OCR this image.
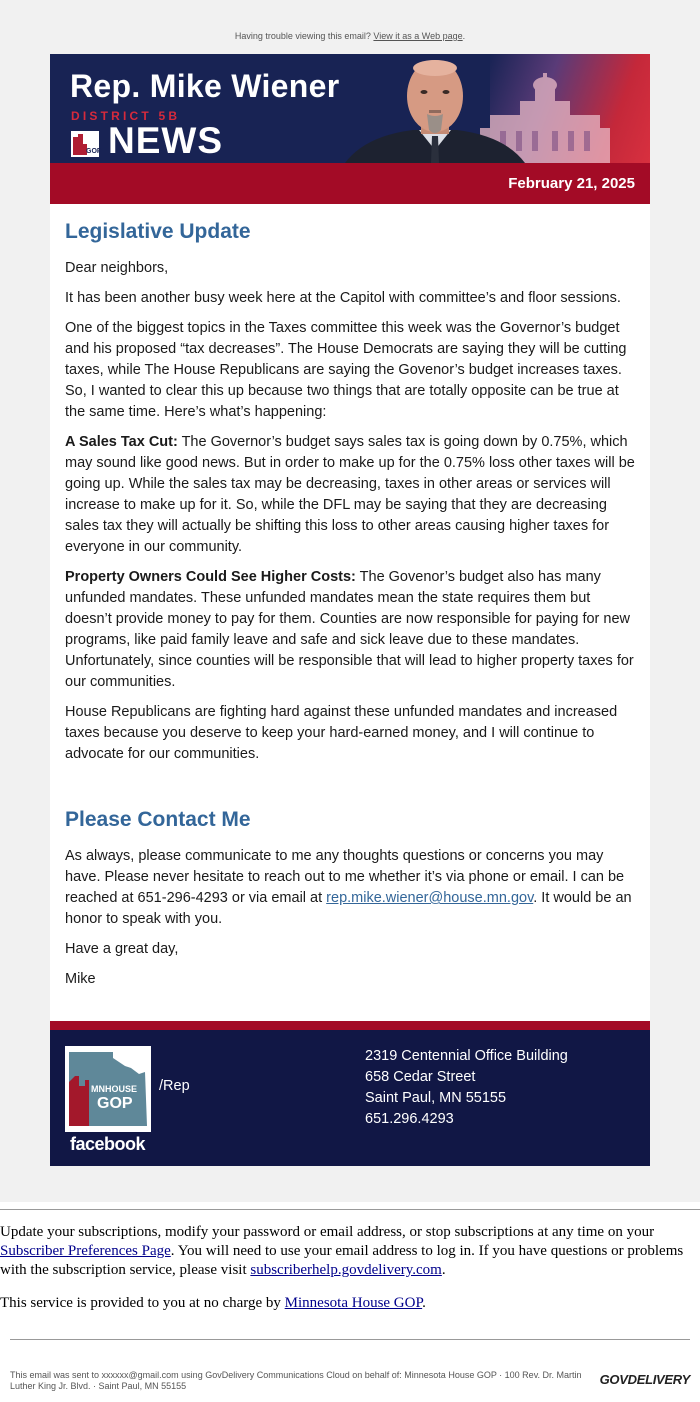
Having trouble viewing this email? View it as a Web page.
Rep. Mike Wiener
DISTRICT 5B
GOP NEWS
February 21, 2025
Legislative Update

Dear neighbors,

It has been another busy week here at the Capitol with committee’s and floor sessions.

One of the biggest topics in the Taxes committee this week was the Governor’s budget and his proposed “tax decreases”. The House Democrats are saying they will be cutting taxes, while The House Republicans are saying the Govenor’s budget increases taxes. So, I wanted to clear this up because two things that are totally opposite can be true at the same time. Here’s what’s happening:

A Sales Tax Cut: The Governor’s budget says sales tax is going down by 0.75%, which may sound like good news. But in order to make up for the 0.75% loss other taxes will be going up. While the sales tax may be decreasing, taxes in other areas or services will increase to make up for it. So, while the DFL may be saying that they are decreasing sales tax they will actually be shifting this loss to other areas causing higher taxes for everyone in our community.

Property Owners Could See Higher Costs: The Govenor’s budget also has many unfunded mandates. These unfunded mandates mean the state requires them but doesn’t provide money to pay for them. Counties are now responsible for paying for new programs, like paid family leave and safe and sick leave due to these mandates. Unfortunately, since counties will be responsible that will lead to higher property taxes for our communities.

House Republicans are fighting hard against these unfunded mandates and increased taxes because you deserve to keep your hard-earned money, and I will continue to advocate for our communities.

Please Contact Me

As always, please communicate to me any thoughts questions or concerns you may have. Please never hesitate to reach out to me whether it’s via phone or email. I can be reached at 651-296-4293 or via email at rep.mike.wiener@house.mn.gov. It would be an honor to speak with you.

Have a great day,

Mike

MNHOUSE
GOP
facebook
/Rep
2319 Centennial Office Building
658 Cedar Street
Saint Paul, MN 55155
651.296.4293

Update your subscriptions, modify your password or email address, or stop subscriptions at any time on your Subscriber Preferences Page. You will need to use your email address to log in. If you have questions or problems with the subscription service, please visit subscriberhelp.govdelivery.com.

This service is provided to you at no charge by Minnesota House GOP.

This email was sent to xxxxxx@gmail.com using GovDelivery Communications Cloud on behalf of: Minnesota House GOP · 100 Rev. Dr. Martin Luther King Jr. Blvd. · Saint Paul, MN 55155	GOVDELIVERY
